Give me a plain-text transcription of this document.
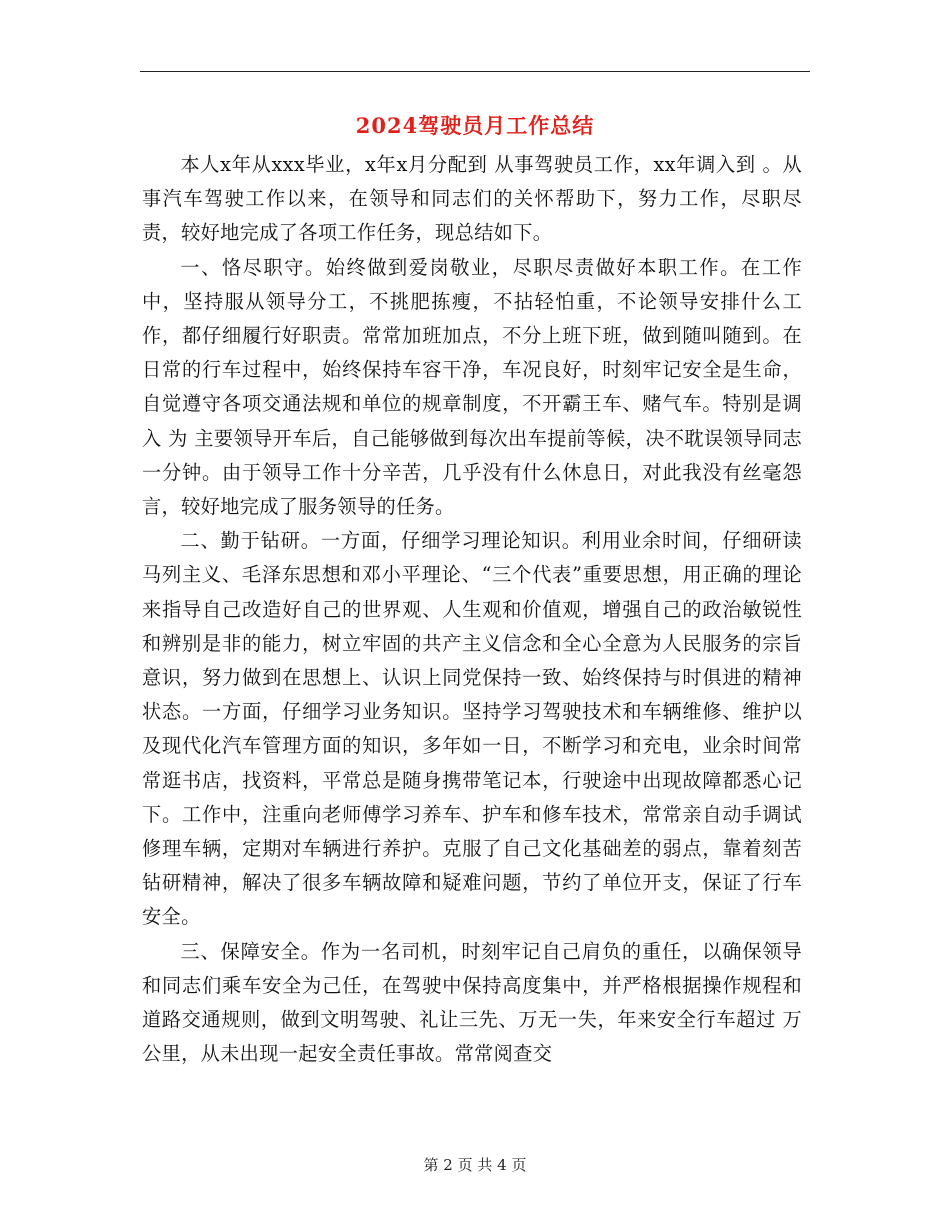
2024驾驶员月工作总结

本人x年从xxx毕业，x年x月分配到 从事驾驶员工作，xx年调入到 。从事汽车驾驶工作以来，在领导和同志们的关怀帮助下，努力工作，尽职尽责，较好地完成了各项工作任务，现总结如下。

一、恪尽职守。始终做到爱岗敬业，尽职尽责做好本职工作。在工作中，坚持服从领导分工，不挑肥拣瘦，不拈轻怕重，不论领导安排什么工作，都仔细履行好职责。常常加班加点，不分上班下班，做到随叫随到。在日常的行车过程中，始终保持车容干净，车况良好，时刻牢记安全是生命，自觉遵守各项交通法规和单位的规章制度，不开霸王车、赌气车。特别是调入 为 主要领导开车后，自己能够做到每次出车提前等候，决不耽误领导同志一分钟。由于领导工作十分辛苦，几乎没有什么休息日，对此我没有丝毫怨言，较好地完成了服务领导的任务。

二、勤于钻研。一方面，仔细学习理论知识。利用业余时间，仔细研读马列主义、毛泽东思想和邓小平理论、“三个代表”重要思想，用正确的理论来指导自己改造好自己的世界观、人生观和价值观，增强自己的政治敏锐性和辨别是非的能力，树立牢固的共产主义信念和全心全意为人民服务的宗旨意识，努力做到在思想上、认识上同党保持一致、始终保持与时俱进的精神状态。一方面，仔细学习业务知识。坚持学习驾驶技术和车辆维修、维护以及现代化汽车管理方面的知识，多年如一日，不断学习和充电，业余时间常常逛书店，找资料，平常总是随身携带笔记本，行驶途中出现故障都悉心记下。工作中，注重向老师傅学习养车、护车和修车技术，常常亲自动手调试修理车辆，定期对车辆进行养护。克服了自己文化基础差的弱点，靠着刻苦钻研精神，解决了很多车辆故障和疑难问题，节约了单位开支，保证了行车安全。

三、保障安全。作为一名司机，时刻牢记自己肩负的重任，以确保领导和同志们乘车安全为己任，在驾驶中保持高度集中，并严格根据操作规程和道路交通规则，做到文明驾驶、礼让三先、万无一失，年来安全行车超过 万公里，从未出现一起安全责任事故。常常阅查交

第 2 页 共 4 页
